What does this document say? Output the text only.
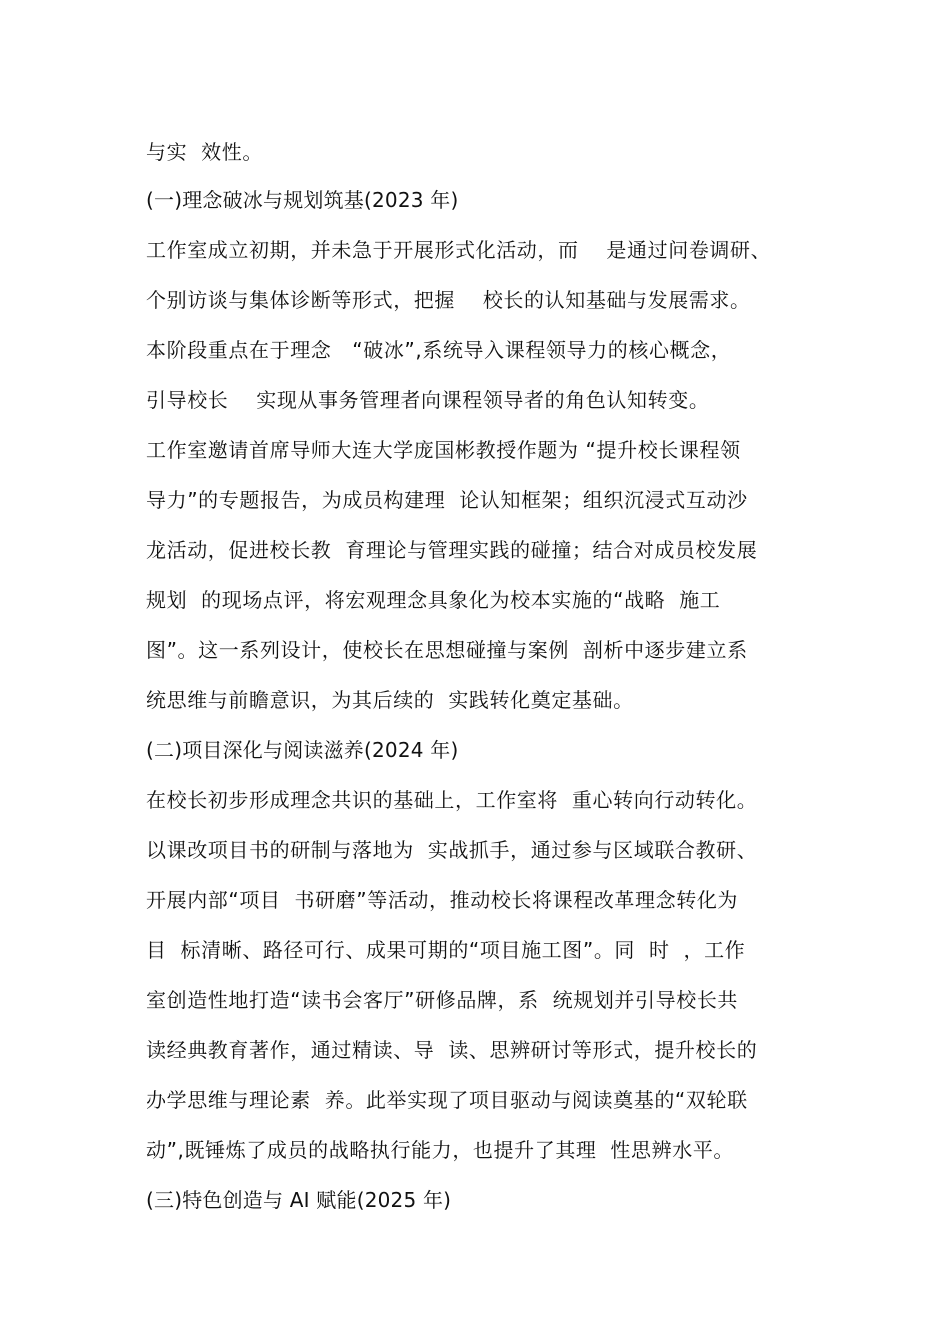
与实  效性。
(一)理念破冰与规划筑基(2023 年)
工作室成立初期，并未急于开展形式化活动，而    是通过问卷调研、
个别访谈与集体诊断等形式，把握    校长的认知基础与发展需求。
本阶段重点在于理念   “破冰”,系统导入课程领导力的核心概念，
引导校长    实现从事务管理者向课程领导者的角色认知转变。
工作室邀请首席导师大连大学庞国彬教授作题为 “提升校长课程领
导力”的专题报告，为成员构建理  论认知框架；组织沉浸式互动沙
龙活动，促进校长教  育理论与管理实践的碰撞；结合对成员校发展
规划  的现场点评，将宏观理念具象化为校本实施的“战略  施工
图”。这一系列设计，使校长在思想碰撞与案例  剖析中逐步建立系
统思维与前瞻意识，为其后续的  实践转化奠定基础。
(二)项目深化与阅读滋养(2024 年)
在校长初步形成理念共识的基础上，工作室将  重心转向行动转化。
以课改项目书的研制与落地为  实战抓手，通过参与区域联合教研、
开展内部“项目  书研磨”等活动，推动校长将课程改革理念转化为
目  标清晰、路径可行、成果可期的“项目施工图”。同  时  ，工作
室创造性地打造“读书会客厅”研修品牌，系  统规划并引导校长共
读经典教育著作，通过精读、导  读、思辨研讨等形式，提升校长的
办学思维与理论素  养。此举实现了项目驱动与阅读奠基的“双轮联
动”,既锤炼了成员的战略执行能力，也提升了其理  性思辨水平。
(三)特色创造与 AI 赋能(2025 年)
